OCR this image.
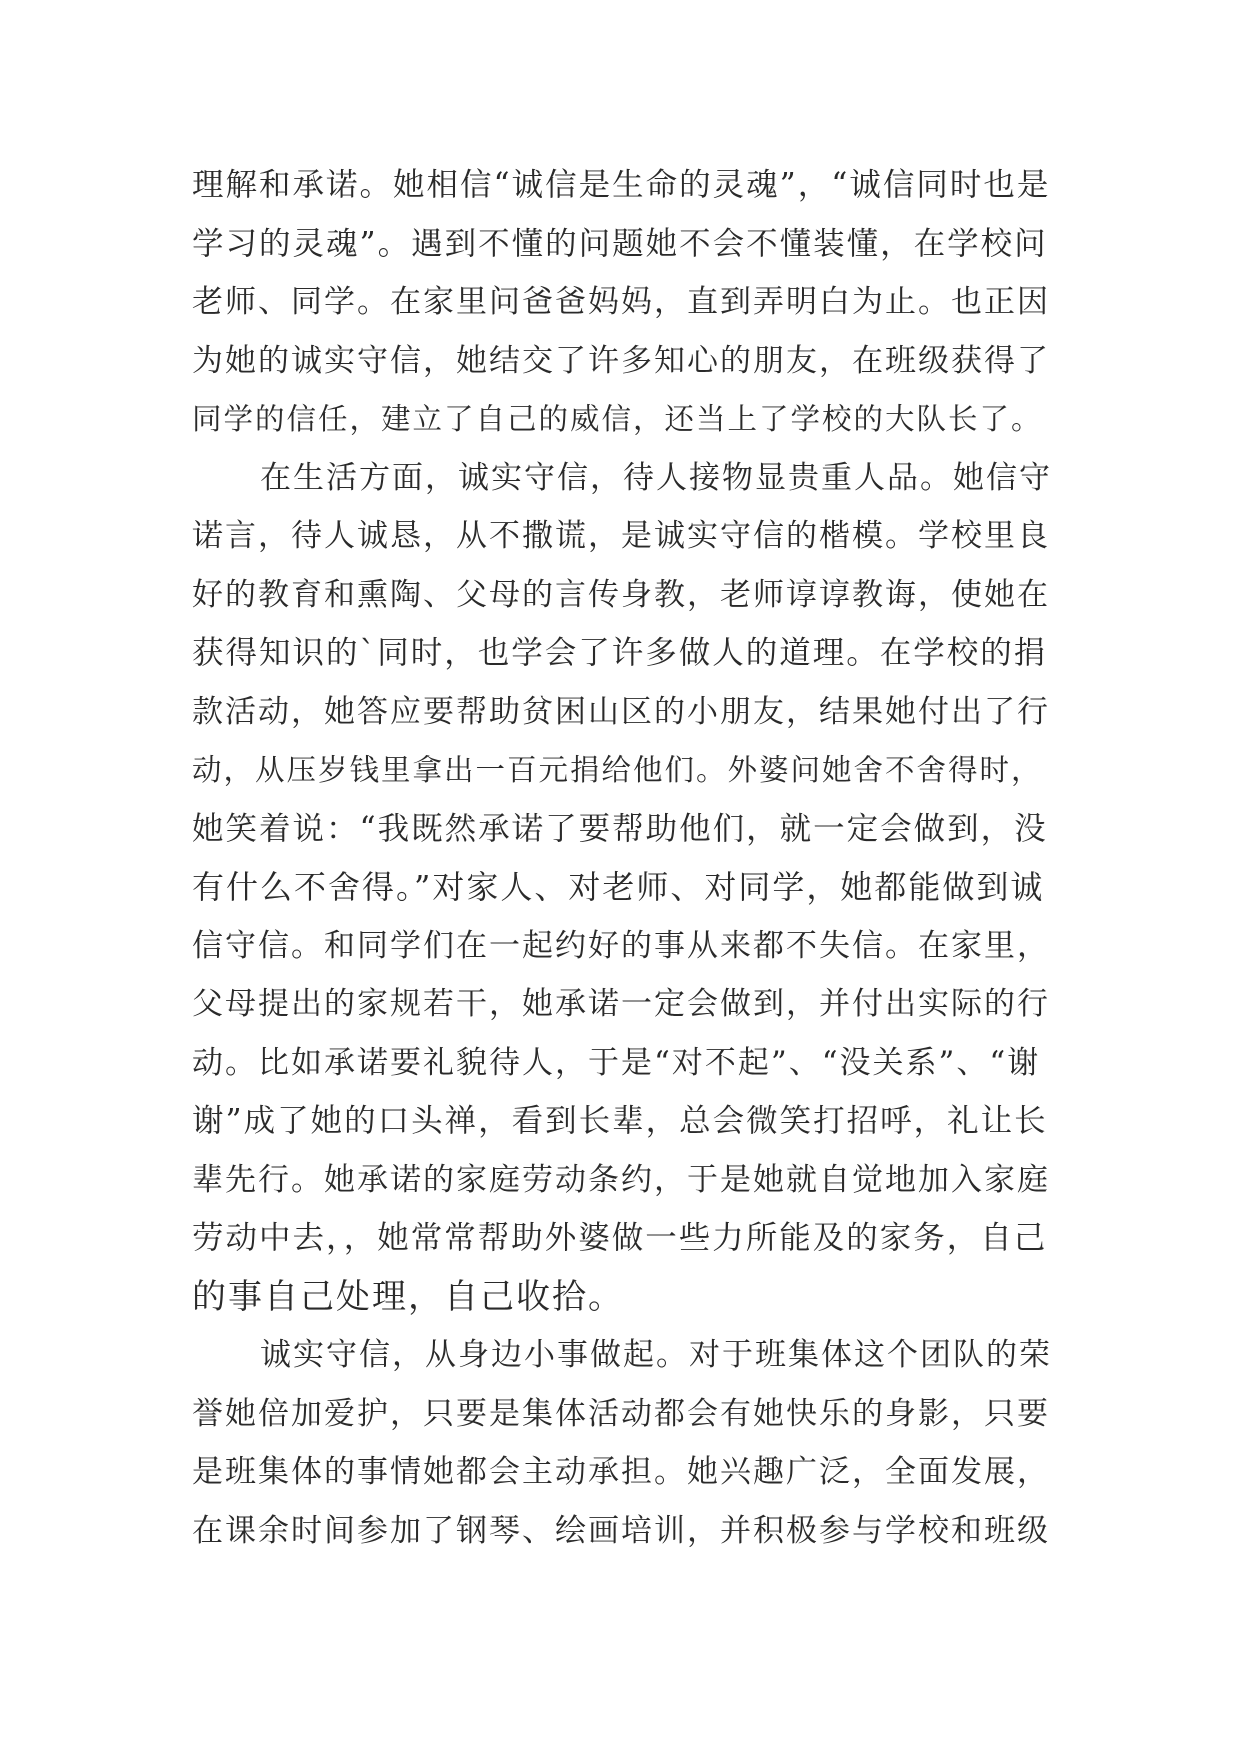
理解和承诺。她相信“诚信是生命的灵魂”，“诚信同时也是
学习的灵魂”。遇到不懂的问题她不会不懂装懂，在学校问
老师、同学。在家里问爸爸妈妈，直到弄明白为止。也正因
为她的诚实守信，她结交了许多知心的朋友，在班级获得了
同学的信任，建立了自己的威信，还当上了学校的大队长了。
在生活方面，诚实守信，待人接物显贵重人品。她信守
诺言，待人诚恳，从不撒谎，是诚实守信的楷模。学校里良
好的教育和熏陶、父母的言传身教，老师谆谆教诲，使她在
获得知识的`同时，也学会了许多做人的道理。在学校的捐
款活动，她答应要帮助贫困山区的小朋友，结果她付出了行
动，从压岁钱里拿出一百元捐给他们。外婆问她舍不舍得时，
她笑着说：“我既然承诺了要帮助他们，就一定会做到，没
有什么不舍得。”对家人、对老师、对同学，她都能做到诚
信守信。和同学们在一起约好的事从来都不失信。在家里，
父母提出的家规若干，她承诺一定会做到，并付出实际的行
动。比如承诺要礼貌待人，于是“对不起”、“没关系”、“谢
谢”成了她的口头禅，看到长辈，总会微笑打招呼，礼让长
辈先行。她承诺的家庭劳动条约，于是她就自觉地加入家庭
劳动中去，，她常常帮助外婆做一些力所能及的家务，自己
的事自己处理，自己收拾。
诚实守信，从身边小事做起。对于班集体这个团队的荣
誉她倍加爱护，只要是集体活动都会有她快乐的身影，只要
是班集体的事情她都会主动承担。她兴趣广泛，全面发展，
在课余时间参加了钢琴、绘画培训，并积极参与学校和班级
